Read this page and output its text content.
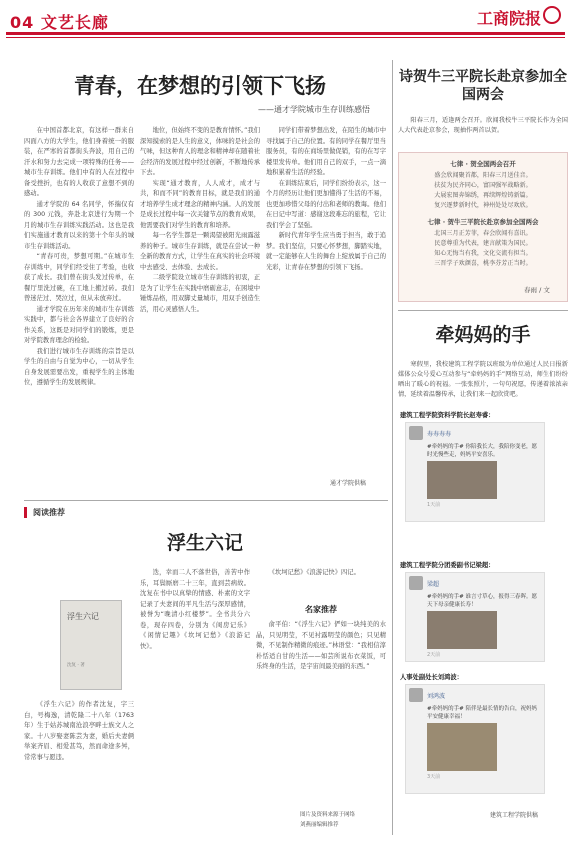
04 文艺长廊	工商院报
青春，在梦想的引领下飞扬
——通才学院城市生存训练感悟

在中国首都北京，有这样一群来自四面八方的大学生，他们身着统一的服装，在严寒的首都街头奔波，用自己的汗水和努力去完成一项特殊的任务——城市生存训练。他们中有的人在过程中备受挫折，也有的人收获了意想不到的感动。

通才学院的 64 名同学，怀揣仅有的 300 元钱，奔赴北京进行为期一个月的城市生存训练实践活动。这也是我们实施通才教育以来的第十个年头的城市生存训练活动。

“青春可贵，梦想可期。”在城市生存训练中，同学们经受住了考验，也收获了成长。我们曾在街头发过传单，在餐厅里洗过碗，在工地上搬过砖。我们曾迷茫过、哭泣过，但从未放弃过。

通才学院在历年来的城市生存训练实践中，都与社会各界建立了良好的合作关系，这既是对同学们的锻炼，更是对学院教育理念的检验。

我们进行城市生存训练的宗旨是以学生的自由与自觉为中心，一切从学生自身发展需要出发，重视学生的主体地位，遵循学生的发展规律。

地位，但始终不变的是教育情怀。”我们深知摸索的是人生的意义，体味的是社会的气味，但这种育人的理念和精神却在随着社会经济的发展过程中经过创新，不断地传承下去。

实现“通才教育，人人成才，成才与共，和而不同”的教育目标，就是我们的通才培养学生成才理念的精神内涵。人的发展是成长过程中每一次关键节点的教育成果，他需要我们对学生的教育和培养。

每一名学生都是一颗渴望被阳光雨露滋养的种子。城市生存训练，就是在尝试一种全新的教育方式，让学生在真实的社会环境中去感受、去体验、去成长。

二级学院设立城市生存训练的初衷，正是为了让学生在实践中磨砺意志，在困境中锤炼品格，用双脚丈量城市，用双手创造生活，用心灵感悟人生。

同学们带着梦想出发，在陌生的城市中寻找属于自己的位置。有的同学在餐厅里当服务员，有的在商场里做促销，有的在写字楼里发传单。他们用自己的双手，一点一滴地积累着生活的经验。

在训练结束后，同学们纷纷表示，这一个月的经历让他们更加懂得了生活的不易，也更加珍惜父母的付出和老师的教诲。他们在日记中写道：感谢这段难忘的旅程，它让我们学会了坚强。

新时代青年学生应当勇于担当，敢于追梦。我们坚信，只要心怀梦想，脚踏实地，就一定能够在人生的舞台上绽放属于自己的光彩，让青春在梦想的引领下飞扬。

通才学院供稿
诗贺牛三平院长赴京参加全国两会
阳春三月，适逢两会召开。欣闻我校牛三平院长作为全国人大代表赴京参会，现抽作两首以贺。
七律 · 贺全国两会召开
盛会欣闻聚首都，阳春三月送佳音。
扶贫为民齐同心，富国强军战略新。
大展宏图奔锦绣，再续辉煌铸新篇。
复兴逐梦新时代，神州处处尽欢欣。
七律 · 贺牛三平院长赴京参加全国两会
北国三月正芳菲，春会欣闻有喜讯。
民意尊重为代表，建言献策为国民。
知心无悔当有我，文化交流有担当。
三晋学子欢颜喜，桃李芬芳正当时。
春雨 / 文
牵妈妈的手
寒假里，我校建筑工程学院以班级为单位通过人民日报新媒体公众号爱心互动参与“牵妈妈的手”网络互动，师生们纷纷晒出了暖心的祝福。一张张照片，一句句祝愿，传递着浓浓亲情，延续着温馨传承，让我们来一起欣赏吧。
建筑工程学院资料学院长赵寿睿：
寿寿寿寿
#牵妈妈的手# 你陪我长大，我陪你变老，愿时光慢些走，妈妈平安喜乐。
1天前
建筑工程学院分团委副书记梁超：
梁超
#牵妈妈的手# 谁言寸草心，报得三春晖。愿天下母亲健康长寿！
2天前
人事处副处长刘鸿波：
刘鸿波
#牵妈妈的手# 陪伴是最长情的告白，祝妈妈平安健康幸福！
3天前
建筑工程学院供稿
阅读推荐
浮生六记
浮生六记
沈复 · 著

《浮生六记》的作者沈复，字三白，号梅逸，清乾隆二十八年（1763 年）生于姑苏城南沧浪亭畔士族文人之家。十八岁娶妻陈芸为妻，婚后夫妻俩举案齐眉、相爱甚笃，然而命途多舛，常常事与愿违。

迭，幸而二人不落世俗，善苦中作乐，耳鬓厮磨二十三年，直到芸病故。沈复在书中以真挚的情感、朴素的文字记录了夫妻间的平凡生活与深厚感情，被誉为“晚清小红楼梦”。全书共分六卷，现存四卷，分别为《闺房记乐》《闲情记趣》《坎坷记愁》《浪游记快》。

《坎坷记愁》《浪游记快》四记。

名家推荐

俞平伯：“《浮生六记》俨如一块纯美的水晶，只见明莹，不见衬露明莹的颜色；只见精微，不见制作精微的痕迹。”林语堂：“我相信淳朴恬适自甘的生活——如芸所说布衣菜饭，可乐终身的生活，是宇宙间最美丽的东西。”

图片及资料来源于网络
刘燕丽编辑推荐
